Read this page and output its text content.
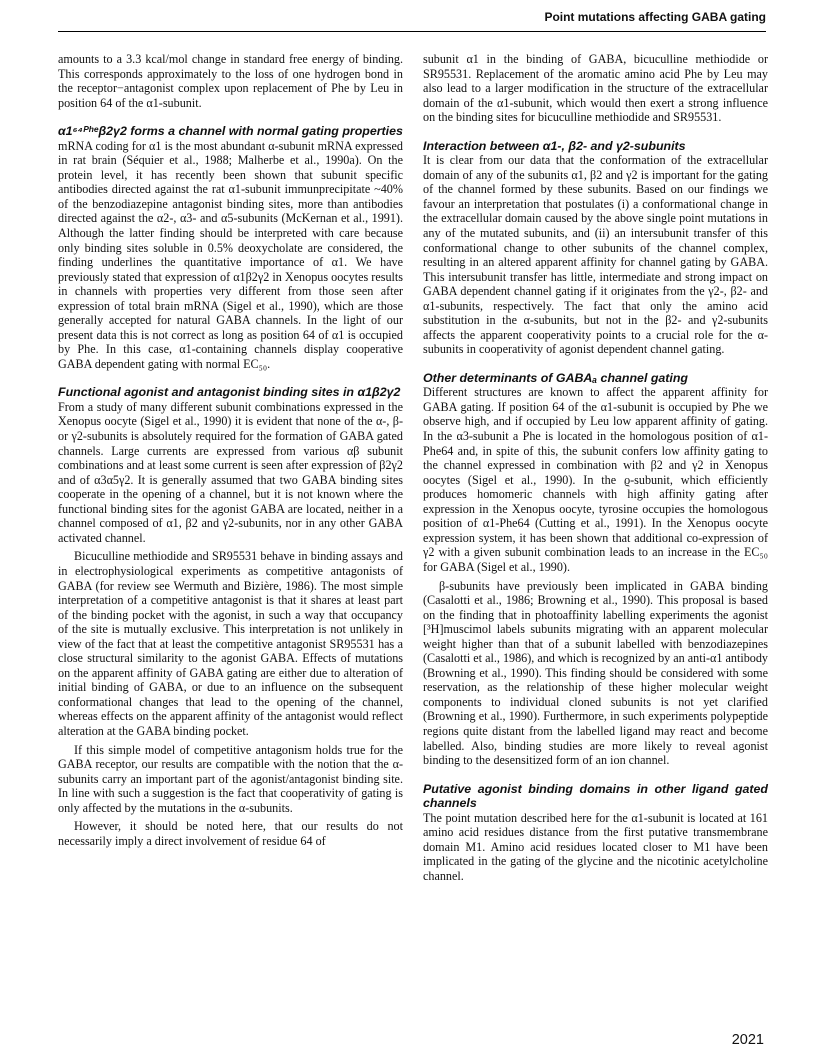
Point mutations affecting GABA gating

amounts to a 3.3 kcal/mol change in standard free energy of binding. This corresponds approximately to the loss of one hydrogen bond in the receptor−antagonist complex upon replacement of Phe by Leu in position 64 of the α1-subunit.

α1⁶⁴ᴾʰᵉβ2γ2 forms a channel with normal gating properties

mRNA coding for α1 is the most abundant α-subunit mRNA expressed in rat brain (Séquier et al., 1988; Malherbe et al., 1990a). On the protein level, it has recently been shown that subunit specific antibodies directed against the rat α1-subunit immunprecipitate ~40% of the benzodiazepine antagonist binding sites, more than antibodies directed against the α2-, α3- and α5-subunits (McKernan et al., 1991). Although the latter finding should be interpreted with care because only binding sites soluble in 0.5% deoxycholate are considered, the finding underlines the quantitative importance of α1. We have previously stated that expression of α1β2γ2 in Xenopus oocytes results in channels with properties very different from those seen after expression of total brain mRNA (Sigel et al., 1990), which are those generally accepted for natural GABA channels. In the light of our present data this is not correct as long as position 64 of α1 is occupied by Phe. In this case, α1-containing channels display cooperative GABA dependent gating with normal EC₅₀.

Functional agonist and antagonist binding sites in α1β2γ2

From a study of many different subunit combinations expressed in the Xenopus oocyte (Sigel et al., 1990) it is evident that none of the α-, β- or γ2-subunits is absolutely required for the formation of GABA gated channels. Large currents are expressed from various αβ subunit combinations and at least some current is seen after expression of β2γ2 and of α3α5γ2. It is generally assumed that two GABA binding sites cooperate in the opening of a channel, but it is not known where the functional binding sites for the agonist GABA are located, neither in a channel composed of α1, β2 and γ2-subunits, nor in any other GABA activated channel.

Bicuculline methiodide and SR95531 behave in binding assays and in electrophysiological experiments as competitive antagonists of GABA (for review see Wermuth and Bizière, 1986). The most simple interpretation of a competitive antagonist is that it shares at least part of the binding pocket with the agonist, in such a way that occupancy of the site is mutually exclusive. This interpretation is not unlikely in view of the fact that at least the competitive antagonist SR95531 has a close structural similarity to the agonist GABA. Effects of mutations on the apparent affinity of GABA gating are either due to alteration of initial binding of GABA, or due to an influence on the subsequent conformational changes that lead to the opening of the channel, whereas effects on the apparent affinity of the antagonist would reflect alteration at the GABA binding pocket.

If this simple model of competitive antagonism holds true for the GABA receptor, our results are compatible with the notion that the α-subunits carry an important part of the agonist/antagonist binding site. In line with such a suggestion is the fact that cooperativity of gating is only affected by the mutations in the α-subunits.

However, it should be noted here, that our results do not necessarily imply a direct involvement of residue 64 of

subunit α1 in the binding of GABA, bicuculline methiodide or SR95531. Replacement of the aromatic amino acid Phe by Leu may also lead to a larger modification in the structure of the extracellular domain of the α1-subunit, which would then exert a strong influence on the binding sites for bicuculline methiodide and SR95531.

Interaction between α1-, β2- and γ2-subunits

It is clear from our data that the conformation of the extracellular domain of any of the subunits α1, β2 and γ2 is important for the gating of the channel formed by these subunits. Based on our findings we favour an interpretation that postulates (i) a conformational change in the extracellular domain caused by the above single point mutations in any of the mutated subunits, and (ii) an intersubunit transfer of this conformational change to other subunits of the channel complex, resulting in an altered apparent affinity for channel gating by GABA. This intersubunit transfer has little, intermediate and strong impact on GABA dependent channel gating if it originates from the γ2-, β2- and α1-subunits, respectively. The fact that only the amino acid substitution in the α-subunits, but not in the β2- and γ2-subunits affects the apparent cooperativity points to a crucial role for the α-subunits in cooperativity of agonist dependent channel gating.

Other determinants of GABAₐ channel gating

Different structures are known to affect the apparent affinity for GABA gating. If position 64 of the α1-subunit is occupied by Phe we observe high, and if occupied by Leu low apparent affinity of gating. In the α3-subunit a Phe is located in the homologous position of α1-Phe64 and, in spite of this, the subunit confers low affinity gating to the channel expressed in combination with β2 and γ2 in Xenopus oocytes (Sigel et al., 1990). In the ϱ-subunit, which efficiently produces homomeric channels with high affinity gating after expression in the Xenopus oocyte, tyrosine occupies the homologous position of α1-Phe64 (Cutting et al., 1991). In the Xenopus oocyte expression system, it has been shown that additional co-expression of γ2 with a given subunit combination leads to an increase in the EC₅₀ for GABA (Sigel et al., 1990).

β-subunits have previously been implicated in GABA binding (Casalotti et al., 1986; Browning et al., 1990). This proposal is based on the finding that in photoaffinity labelling experiments the agonist [³H]muscimol labels subunits migrating with an apparent molecular weight higher than that of a subunit labelled with benzodiazepines (Casalotti et al., 1986), and which is recognized by an anti-α1 antibody (Browning et al., 1990). This finding should be considered with some reservation, as the relationship of these higher molecular weight components to individual cloned subunits is not yet clarified (Browning et al., 1990). Furthermore, in such experiments polypeptide regions quite distant from the labelled ligand may react and become labelled. Also, binding studies are more likely to reveal agonist binding to the desensitized form of an ion channel.

Putative agonist binding domains in other ligand gated channels

The point mutation described here for the α1-subunit is located at 161 amino acid residues distance from the first putative transmembrane domain M1. Amino acid residues located closer to M1 have been implicated in the gating of the glycine and the nicotinic acetylcholine channel.

2021
